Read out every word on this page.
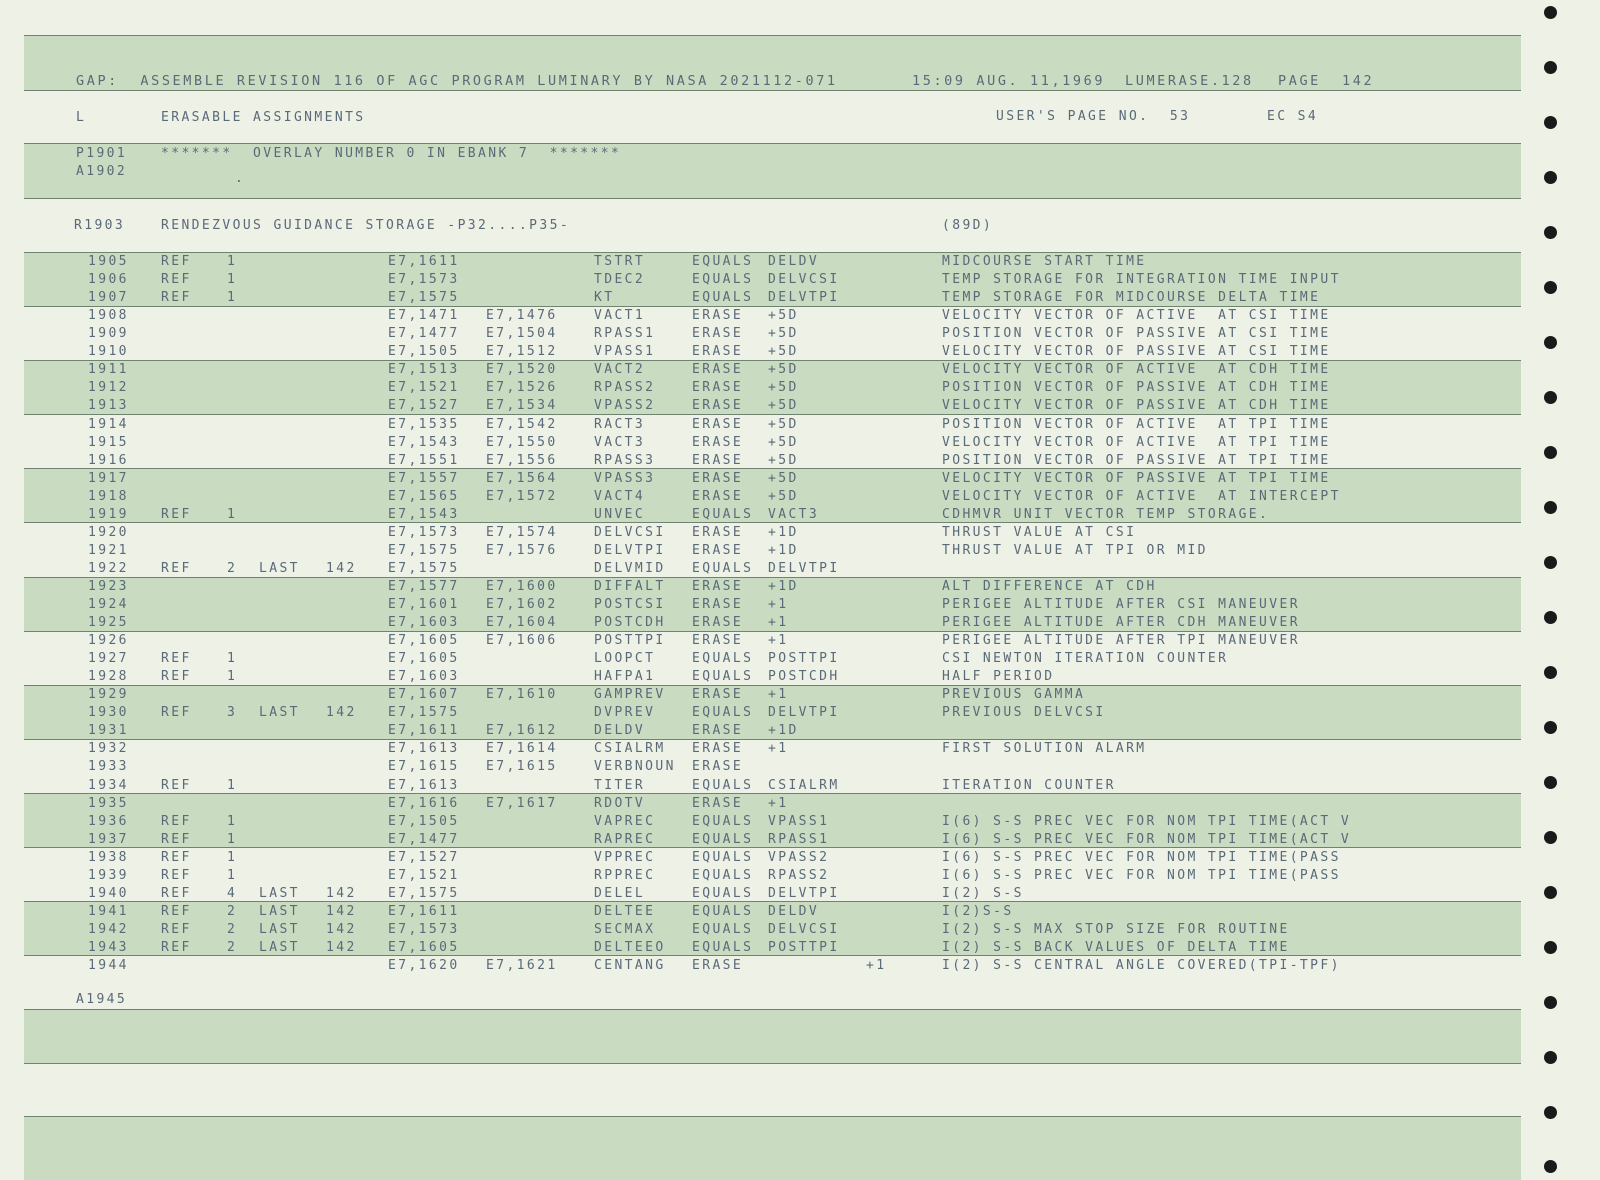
GAP:  ASSEMBLE REVISION 116 OF AGC PROGRAM LUMINARY BY NASA 2021112-071	15:09 AUG. 11,1969 LUMERASE.128 PAGE 142
L	ERASABLE ASSIGNMENTS	USER'S PAGE NO.  53	EC S4
P1901	*******  OVERLAY NUMBER 0 IN EBANK 7  *******
A1902	.
R1903	RENDEZVOUS GUIDANCE STORAGE -P32....P35-	(89D)
1905 REF	1	E7,1611	TSTRT	EQUALS DELDV	MIDCOURSE START TIME
1906 REF	1	E7,1573	TDEC2	EQUALS DELVCSI	TEMP STORAGE FOR INTEGRATION TIME INPUT
1907 REF	1	E7,1575	KT	EQUALS DELVTPI	TEMP STORAGE FOR MIDCOURSE DELTA TIME
1908	E7,1471 E7,1476	VACT1	ERASE +5D	VELOCITY VECTOR OF ACTIVE  AT CSI TIME
1909	E7,1477 E7,1504	RPASS1	ERASE +5D	POSITION VECTOR OF PASSIVE AT CSI TIME
1910	E7,1505 E7,1512	VPASS1	ERASE +5D	VELOCITY VECTOR OF PASSIVE AT CSI TIME
1911	E7,1513 E7,1520	VACT2	ERASE +5D	VELOCITY VECTOR OF ACTIVE  AT CDH TIME
1912	E7,1521 E7,1526	RPASS2	ERASE +5D	POSITION VECTOR OF PASSIVE AT CDH TIME
1913	E7,1527 E7,1534	VPASS2	ERASE +5D	VELOCITY VECTOR OF PASSIVE AT CDH TIME
1914	E7,1535 E7,1542	RACT3	ERASE +5D	POSITION VECTOR OF ACTIVE  AT TPI TIME
1915	E7,1543 E7,1550	VACT3	ERASE +5D	VELOCITY VECTOR OF ACTIVE  AT TPI TIME
1916	E7,1551 E7,1556	RPASS3	ERASE +5D	POSITION VECTOR OF PASSIVE AT TPI TIME
1917	E7,1557 E7,1564	VPASS3	ERASE +5D	VELOCITY VECTOR OF PASSIVE AT TPI TIME
1918	E7,1565 E7,1572	VACT4	ERASE +5D	VELOCITY VECTOR OF ACTIVE  AT INTERCEPT
1919 REF	1	E7,1543	UNVEC	EQUALS VACT3	CDHMVR UNIT VECTOR TEMP STORAGE.
1920	E7,1573 E7,1574	DELVCSI ERASE +1D	THRUST VALUE AT CSI
1921	E7,1575 E7,1576	DELVTPI ERASE +1D	THRUST VALUE AT TPI OR MID
1922 REF	2 LAST 142 E7,1575	DELVMID EQUALS DELVTPI
1923	E7,1577 E7,1600	DIFFALT ERASE +1D	ALT DIFFERENCE AT CDH
1924	E7,1601 E7,1602	POSTCSI ERASE +1	PERIGEE ALTITUDE AFTER CSI MANEUVER
1925	E7,1603 E7,1604	POSTCDH ERASE +1	PERIGEE ALTITUDE AFTER CDH MANEUVER
1926	E7,1605 E7,1606	POSTTPI ERASE +1	PERIGEE ALTITUDE AFTER TPI MANEUVER
1927 REF	1	E7,1605	LOOPCT	EQUALS POSTTPI	CSI NEWTON ITERATION COUNTER
1928 REF	1	E7,1603	HAFPA1	EQUALS POSTCDH	HALF PERIOD
1929	E7,1607 E7,1610	GAMPREV ERASE +1	PREVIOUS GAMMA
1930 REF	3 LAST 142 E7,1575	DVPREV	EQUALS DELVTPI	PREVIOUS DELVCSI
1931	E7,1611 E7,1612	DELDV	ERASE +1D
1932	E7,1613 E7,1614	CSIALRM ERASE +1	FIRST SOLUTION ALARM
1933	E7,1615 E7,1615	VERBNOUN ERASE
1934 REF	1	E7,1613	TITER	EQUALS CSIALRM	ITERATION COUNTER
1935	E7,1616 E7,1617	RDOTV	ERASE +1
1936 REF	1	E7,1505	VAPREC	EQUALS VPASS1	I(6) S-S PREC VEC FOR NOM TPI TIME(ACT V
1937 REF	1	E7,1477	RAPREC	EQUALS RPASS1	I(6) S-S PREC VEC FOR NOM TPI TIME(ACT V
1938 REF	1	E7,1527	VPPREC	EQUALS VPASS2	I(6) S-S PREC VEC FOR NOM TPI TIME(PASS
1939 REF	1	E7,1521	RPPREC	EQUALS RPASS2	I(6) S-S PREC VEC FOR NOM TPI TIME(PASS
1940 REF	4 LAST 142 E7,1575	DELEL	EQUALS DELVTPI	I(2) S-S
1941 REF	2 LAST 142 E7,1611	DELTEE	EQUALS DELDV	I(2)S-S
1942 REF	2 LAST 142 E7,1573	SECMAX	EQUALS DELVCSI	I(2) S-S MAX STOP SIZE FOR ROUTINE
1943 REF	2 LAST 142 E7,1605	DELTEEO EQUALS POSTTPI	I(2) S-S BACK VALUES OF DELTA TIME
1944	E7,1620 E7,1621	CENTANG ERASE	+1	I(2) S-S CENTRAL ANGLE COVERED(TPI-TPF)
A1945
